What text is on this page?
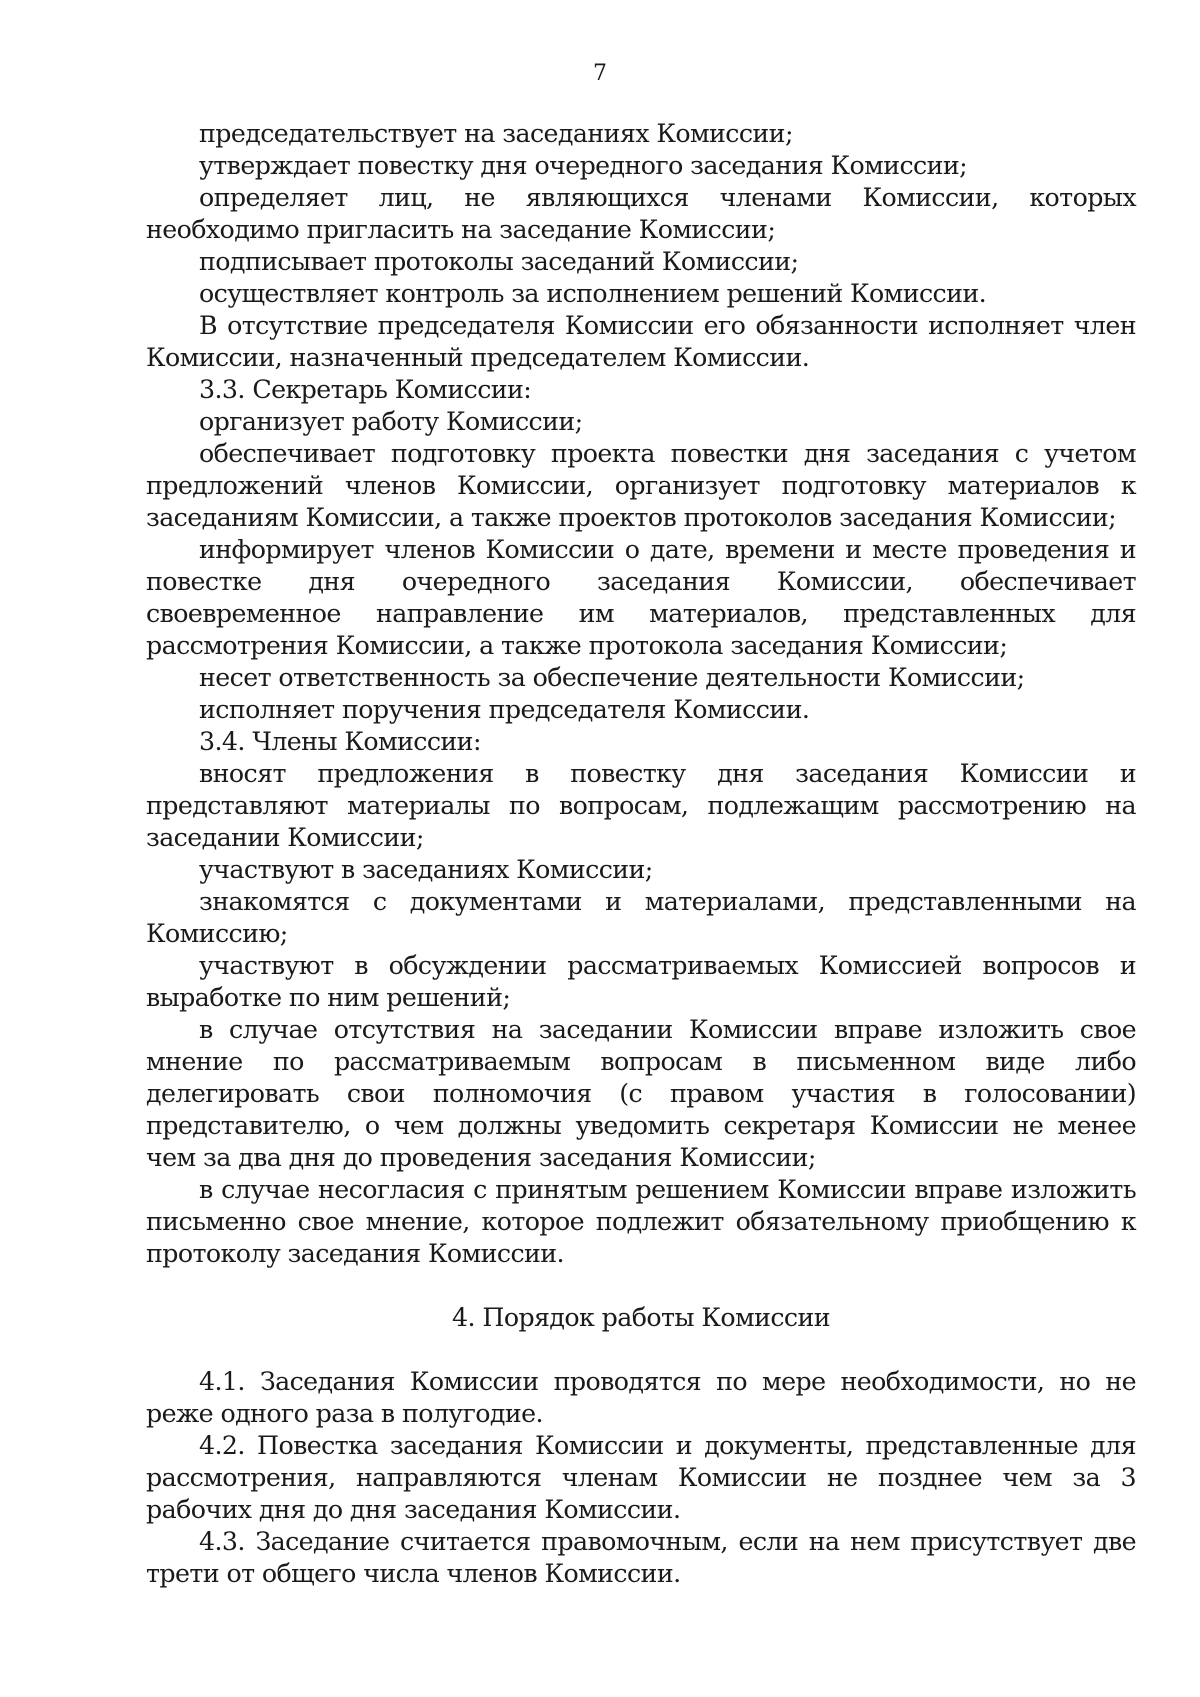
7

председательствует на заседаниях Комиссии;

утверждает повестку дня очередного заседания Комиссии;

определяет лиц, не являющихся членами Комиссии, которых необходимо пригласить на заседание Комиссии;

подписывает протоколы заседаний Комиссии;

осуществляет контроль за исполнением решений Комиссии.

В отсутствие председателя Комиссии его обязанности исполняет член Комиссии, назначенный председателем Комиссии.

3.3. Секретарь Комиссии:

организует работу Комиссии;

обеспечивает подготовку проекта повестки дня заседания с учетом предложений членов Комиссии, организует подготовку материалов к заседаниям Комиссии, а также проектов протоколов заседания Комиссии;

информирует членов Комиссии о дате, времени и месте проведения и повестке дня очередного заседания Комиссии, обеспечивает своевременное направление им материалов, представленных для рассмотрения Комиссии, а также протокола заседания Комиссии;

несет ответственность за обеспечение деятельности Комиссии;

исполняет поручения председателя Комиссии.

3.4. Члены Комиссии:

вносят предложения в повестку дня заседания Комиссии и представляют материалы по вопросам, подлежащим рассмотрению на заседании Комиссии;

участвуют в заседаниях Комиссии;

знакомятся с документами и материалами, представленными на Комиссию;

участвуют в обсуждении рассматриваемых Комиссией вопросов и выработке по ним решений;

в случае отсутствия на заседании Комиссии вправе изложить свое мнение по рассматриваемым вопросам в письменном виде либо делегировать свои полномочия (с правом участия в голосовании) представителю, о чем должны уведомить секретаря Комиссии не менее чем за два дня до проведения заседания Комиссии;

в случае несогласия с принятым решением Комиссии вправе изложить письменно свое мнение, которое подлежит обязательному приобщению к протоколу заседания Комиссии.

4. Порядок работы Комиссии

4.1. Заседания Комиссии проводятся по мере необходимости, но не реже одного раза в полугодие.

4.2. Повестка заседания Комиссии и документы, представленные для рассмотрения, направляются членам Комиссии не позднее чем за 3 рабочих дня до дня заседания Комиссии.

4.3. Заседание считается правомочным, если на нем присутствует две трети от общего числа членов Комиссии.
